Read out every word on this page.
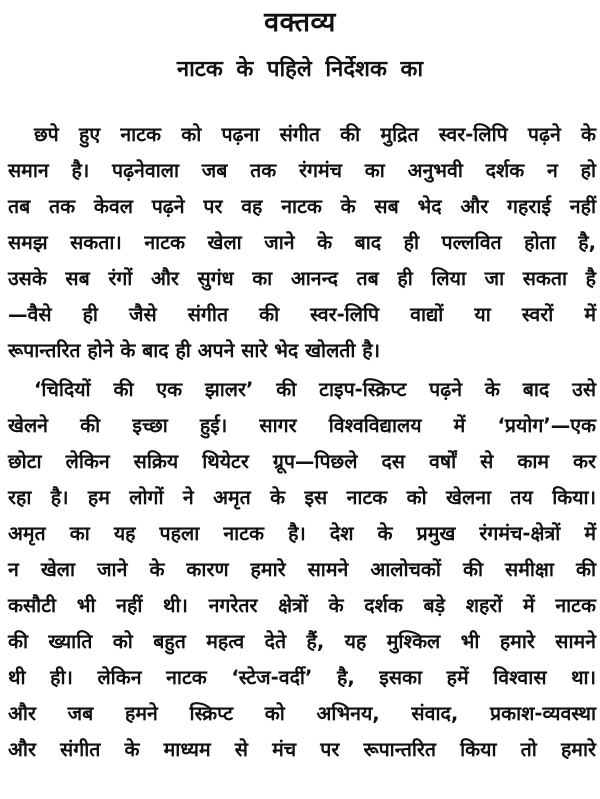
वक्तव्य
नाटक के पहिले निर्देशक का
छपे हुए नाटक को पढ़ना संगीत की मुद्रित स्वर-लिपि पढ़ने के
समान है। पढ़नेवाला जब तक रंगमंच का अनुभवी दर्शक न हो
तब तक केवल पढ़ने पर वह नाटक के सब भेद और गहराई नहीं
समझ सकता। नाटक खेला जाने के बाद ही पल्लवित होता है,
उसके सब रंगों और सुगंध का आनन्द तब ही लिया जा सकता है
—वैसे ही जैसे संगीत की स्वर-लिपि वाद्यों या स्वरों में
रूपान्तरित होने के बाद ही अपने सारे भेद खोलती है।
‘चिदियों की एक झालर’ की टाइप-स्क्रिप्ट पढ़ने के बाद उसे
खेलने की इच्छा हुई। सागर विश्वविद्यालय में ‘प्रयोग’—एक
छोटा लेकिन सक्रिय थियेटर ग्रूप—पिछले दस वर्षों से काम कर
रहा है। हम लोगों ने अमृत के इस नाटक को खेलना तय किया।
अमृत का यह पहला नाटक है। देश के प्रमुख रंगमंच-क्षेत्रों में
न खेला जाने के कारण हमारे सामने आलोचकों की समीक्षा की
कसौटी भी नहीं थी। नगरेतर क्षेत्रों के दर्शक बड़े शहरों में नाटक
की ख्याति को बहुत महत्व देते हैं, यह मुश्किल भी हमारे सामने
थी ही। लेकिन नाटक ‘स्टेज-वर्दी’ है, इसका हमें विश्वास था।
और जब हमने स्क्रिप्ट को अभिनय, संवाद, प्रकाश-व्यवस्था
और संगीत के माध्यम से मंच पर रूपान्तरित किया तो हमारे
